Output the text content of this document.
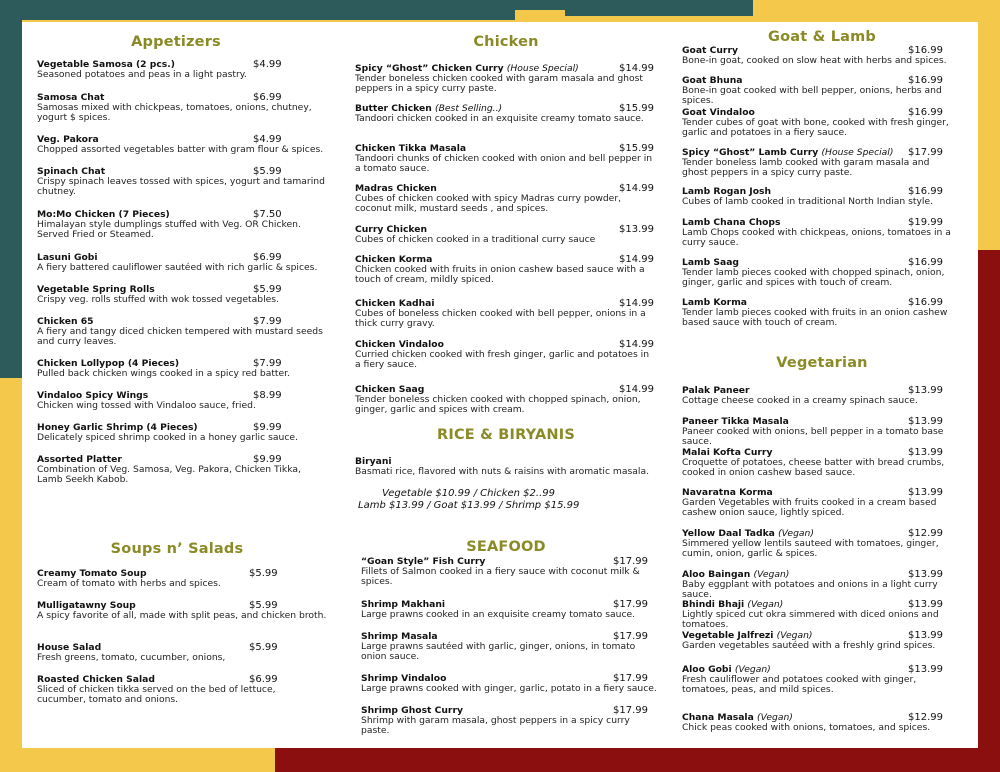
Appetizers
Vegetable Samosa (2 pcs.)	$4.99
Seasoned potatoes and peas in a light pastry.
Samosa Chat	$6.99
Samosas mixed with chickpeas, tomatoes, onions, chutney, yogurt $ spices.
Veg. Pakora	$4.99
Chopped assorted vegetables batter with gram flour & spices.
Spinach Chat	$5.99
Crispy spinach leaves tossed with spices, yogurt and tamarind chutney.
Mo:Mo Chicken (7 Pieces)	$7.50
Himalayan style dumplings stuffed with Veg. OR Chicken. Served Fried or Steamed.
Lasuni Gobi	$6.99
A fiery battered cauliflower sautéed with rich garlic & spices.
Vegetable Spring Rolls	$5.99
Crispy veg. rolls stuffed with wok tossed vegetables.
Chicken 65	$7.99
A fiery and tangy diced chicken tempered with mustard seeds and curry leaves.
Chicken Lollypop (4 Pieces)	$7.99
Pulled back chicken wings cooked in a spicy red batter.
Vindaloo Spicy Wings	$8.99
Chicken wing tossed with Vindaloo sauce, fried.
Honey Garlic Shrimp (4 Pieces)	$9.99
Delicately spiced shrimp cooked in a honey garlic sauce.
Assorted Platter	$9.99
Combination of Veg. Samosa, Veg. Pakora, Chicken Tikka, Lamb Seekh Kabob.
Soups n’ Salads
Creamy Tomato Soup	$5.99
Cream of tomato with herbs and spices.
Mulligatawny Soup	$5.99
A spicy favorite of all, made with split peas, and chicken broth.
House Salad	$5.99
Fresh greens, tomato, cucumber, onions,
Roasted Chicken Salad	$6.99
Sliced of chicken tikka served on the bed of lettuce, cucumber, tomato and onions.
Chicken
Spicy “Ghost” Chicken Curry (House Special)	$14.99
Tender boneless chicken cooked with garam masala and ghost peppers in a spicy curry paste.
Butter Chicken (Best Selling..)	$15.99
Tandoori chicken cooked in an exquisite creamy tomato sauce.
Chicken Tikka Masala	$15.99
Tandoori chunks of chicken cooked with onion and bell pepper in a tomato sauce.
Madras Chicken	$14.99
Cubes of chicken cooked with spicy Madras curry powder, coconut milk, mustard seeds , and spices.
Curry Chicken	$13.99
Cubes of chicken cooked in a traditional curry sauce
Chicken Korma	$14.99
Chicken cooked with fruits in onion cashew based sauce with a touch of cream, mildly spiced.
Chicken Kadhai	$14.99
Cubes of boneless chicken cooked with bell pepper, onions in a thick curry gravy.
Chicken Vindaloo	$14.99
Curried chicken cooked with fresh ginger, garlic and potatoes in a fiery sauce.
Chicken Saag	$14.99
Tender boneless chicken cooked with chopped spinach, onion, ginger, garlic and spices with cream.
SEAFOOD
“Goan Style” Fish Curry	$17.99
Fillets of Salmon cooked in a fiery sauce with coconut milk & spices.
Shrimp Makhani	$17.99
Large prawns cooked in an exquisite creamy tomato sauce.
Shrimp Masala	$17.99
Large prawns sautéed with garlic, ginger, onions, in tomato onion sauce.
Shrimp Vindaloo	$17.99
Large prawns cooked with ginger, garlic, potato in a fiery sauce.
Shrimp Ghost Curry	$17.99
Shrimp with garam masala, ghost peppers in a spicy curry paste.
Goat & Lamb
Goat Curry	$16.99
Bone-in goat, cooked on slow heat with herbs and spices.
Goat Bhuna	$16.99
Bone-in goat cooked with bell pepper, onions, herbs and spices.
Goat Vindaloo	$16.99
Tender cubes of goat with bone, cooked with fresh ginger, garlic and potatoes in a fiery sauce.
Spicy “Ghost” Lamb Curry (House Special)	$17.99
Tender boneless lamb cooked with garam masala and ghost peppers in a spicy curry paste.
Lamb Rogan Josh	$16.99
Cubes of lamb cooked in traditional North Indian style.
Lamb Chana Chops	$19.99
Lamb Chops cooked with chickpeas, onions, tomatoes in a curry sauce.
Lamb Saag	$16.99
Tender lamb pieces cooked with chopped spinach, onion, ginger, garlic and spices with touch of cream.
Lamb Korma	$16.99
Tender lamb pieces cooked with fruits in an onion cashew based sauce with touch of cream.
Vegetarian
Palak Paneer	$13.99
Cottage cheese cooked in a creamy spinach sauce.
Paneer Tikka Masala	$13.99
Paneer cooked with onions, bell pepper in a tomato base sauce.
Malai Kofta Curry	$13.99
Croquette of potatoes, cheese batter with bread crumbs, cooked in onion cashew based sauce.
Navaratna Korma	$13.99
Garden Vegetables with fruits cooked in a cream based cashew onion sauce, lightly spiced.
Yellow Daal Tadka (Vegan)	$12.99
Simmered yellow lentils sauteed with tomatoes, ginger, cumin, onion, garlic & spices.
Aloo Baingan (Vegan)	$13.99
Baby eggplant with potatoes and onions in a light curry sauce.
Bhindi Bhaji (Vegan)	$13.99
Lightly spiced cut okra simmered with diced onions and tomatoes.
Vegetable Jalfrezi (Vegan)	$13.99
Garden vegetables sautéed with a freshly grind spices.
Aloo Gobi (Vegan)	$13.99
Fresh cauliflower and potatoes cooked with ginger, tomatoes, peas, and mild spices.
Chana Masala (Vegan)	$12.99
Chick peas cooked with onions, tomatoes, and spices.
RICE & BIRYANIS
Biryani
Basmati rice, flavored with nuts & raisins with aromatic masala.
Vegetable $10.99 / Chicken $2..99
Lamb $13.99 / Goat $13.99 / Shrimp $15.99
